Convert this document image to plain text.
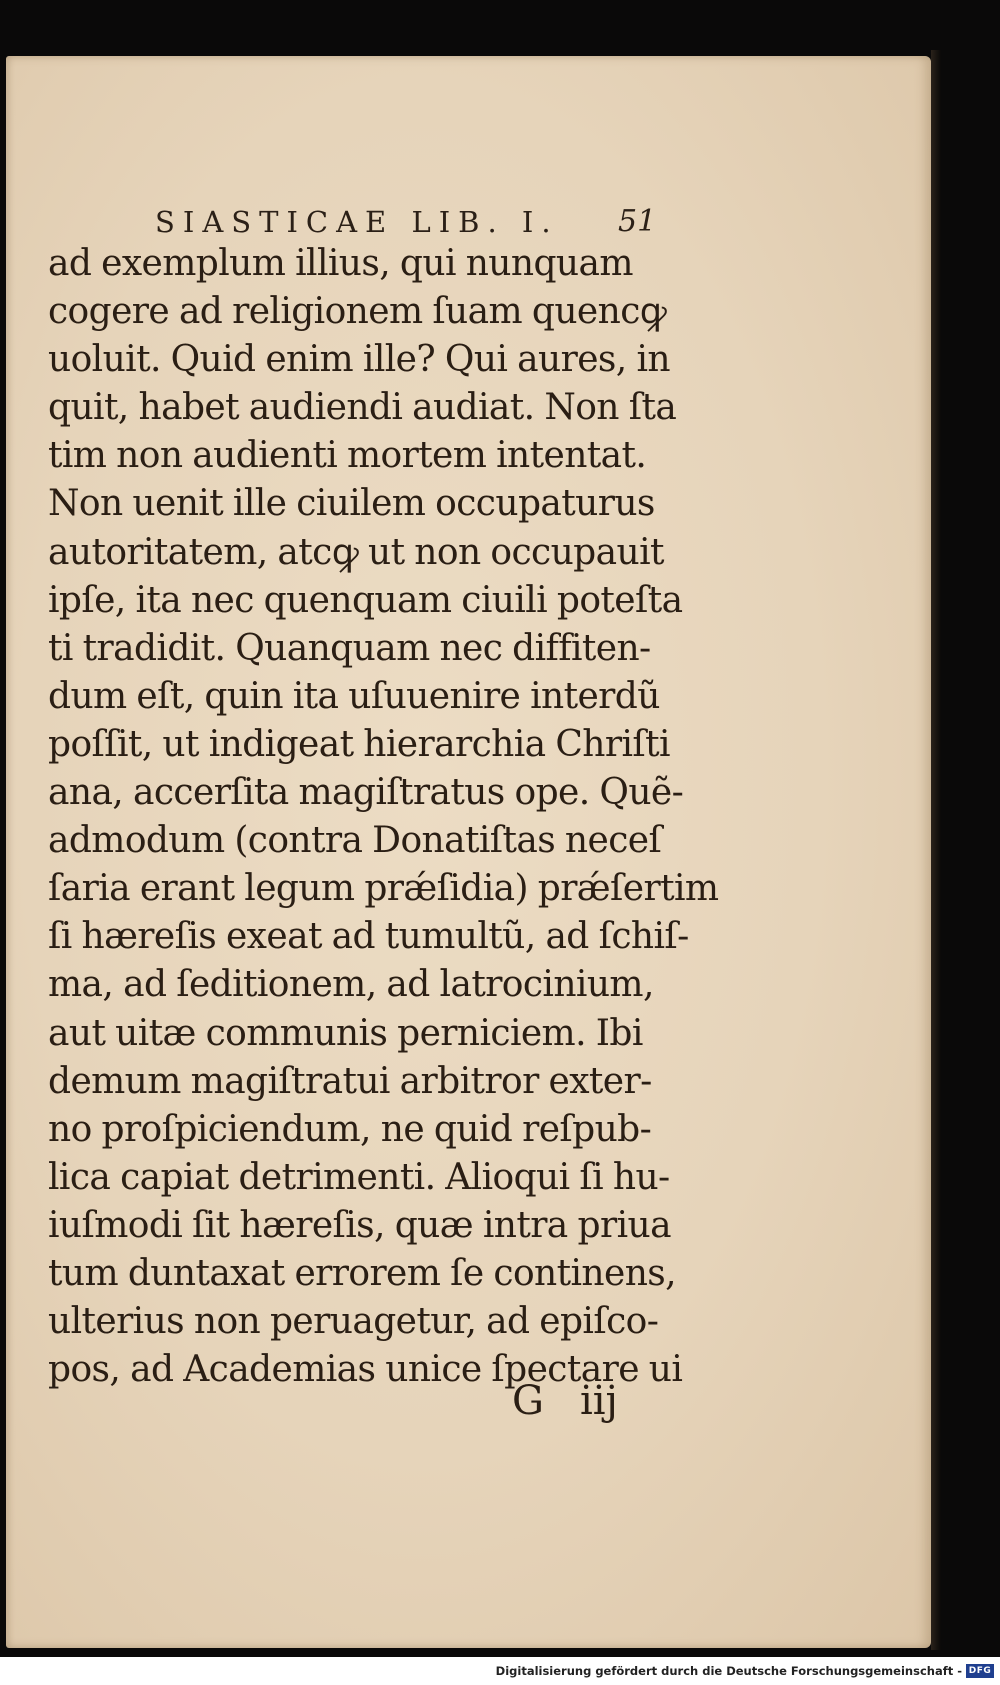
SIASTICAE LIB. I. 51
ad exemplum illius, qui nunquam
cogere ad religionem ſuam quencꝙ
uoluit. Quid enim ille? Qui aures, in
quit, habet audiendi audiat. Non ſta
tim non audienti mortem intentat.
Non uenit ille ciuilem occupaturus
autoritatem, atcꝙ ut non occupauit
ipſe, ita nec quenquam ciuili poteſta
ti tradidit. Quanquam nec diffiten-
dum eſt, quin ita uſuuenire interdũ
poſſit, ut indigeat hierarchia Chriſti
ana, accerſita magiſtratus ope. Quẽ-
admodum (contra Donatiſtas neceſ
ſaria erant legum prǽſidia) prǽſertim
ſi hæreſis exeat ad tumultũ, ad ſchiſ-
ma, ad ſeditionem, ad latrocinium,
aut uitæ communis perniciem. Ibi
demum magiſtratui arbitror exter-
no proſpiciendum, ne quid reſpub-
lica capiat detrimenti. Alioqui ſi hu-
iuſmodi ſit hæreſis, quæ intra priua
tum duntaxat errorem ſe continens,
ulterius non peruagetur, ad epiſco-
pos, ad Academias unice ſpectare ui
G iij
Digitalisierung gefördert durch die Deutsche Forschungsgemeinschaft - DFG
